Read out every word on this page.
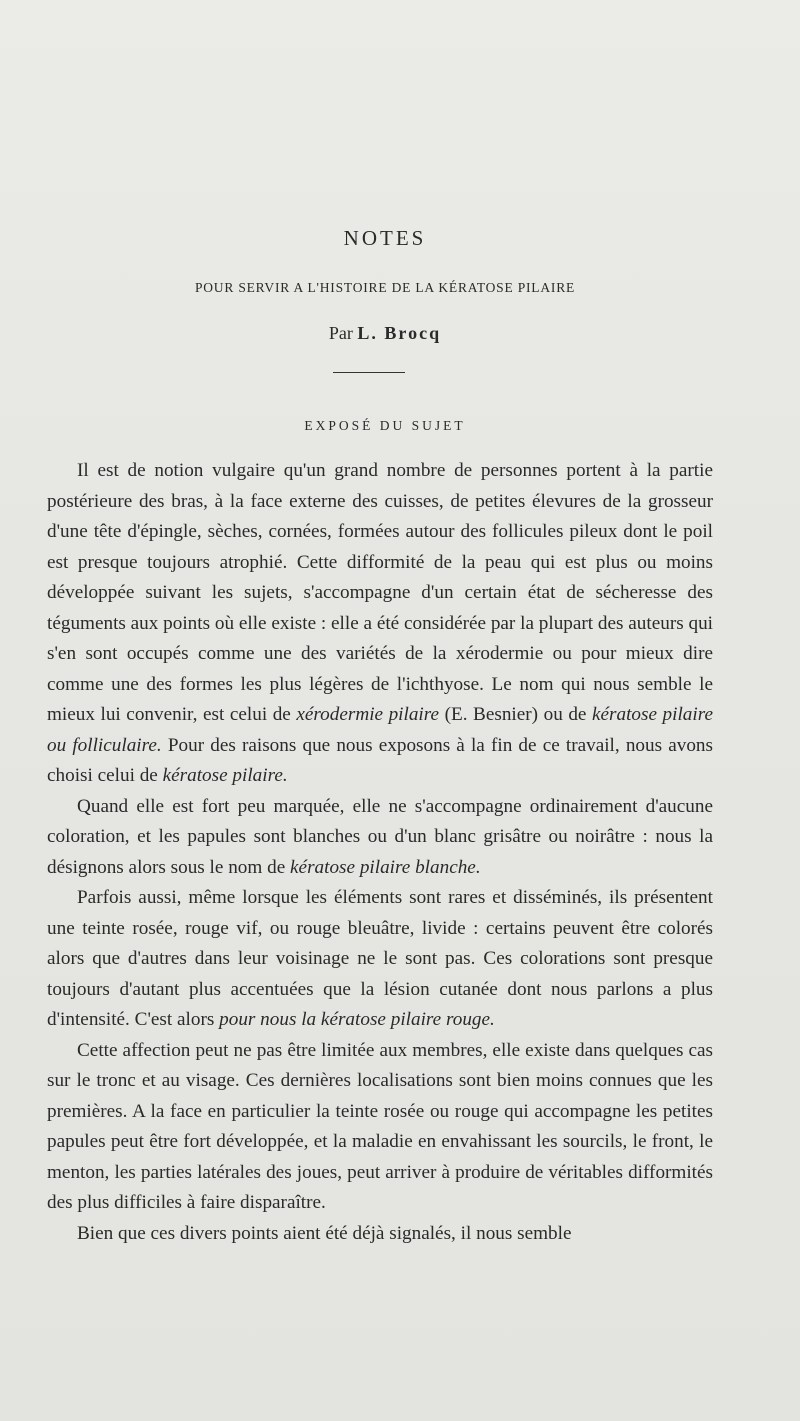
NOTES
POUR SERVIR A L'HISTOIRE DE LA KÉRATOSE PILAIRE
Par L. Brocq
EXPOSÉ DU SUJET

Il est de notion vulgaire qu'un grand nombre de personnes portent à la partie postérieure des bras, à la face externe des cuisses, de petites élevures de la grosseur d'une tête d'épingle, sèches, cornées, formées autour des follicules pileux dont le poil est presque toujours atrophié. Cette difformité de la peau qui est plus ou moins développée suivant les sujets, s'accompagne d'un certain état de sécheresse des téguments aux points où elle existe : elle a été considérée par la plupart des auteurs qui s'en sont occupés comme une des variétés de la xérodermie ou pour mieux dire comme une des formes les plus légères de l'ichthyose. Le nom qui nous semble le mieux lui convenir, est celui de xérodermie pilaire (E. Besnier) ou de kératose pilaire ou folliculaire. Pour des raisons que nous exposons à la fin de ce travail, nous avons choisi celui de kératose pilaire.

Quand elle est fort peu marquée, elle ne s'accompagne ordinairement d'aucune coloration, et les papules sont blanches ou d'un blanc grisâtre ou noirâtre : nous la désignons alors sous le nom de kératose pilaire blanche.

Parfois aussi, même lorsque les éléments sont rares et disséminés, ils présentent une teinte rosée, rouge vif, ou rouge bleuâtre, livide : certains peuvent être colorés alors que d'autres dans leur voisinage ne le sont pas. Ces colorations sont presque toujours d'autant plus accentuées que la lésion cutanée dont nous parlons a plus d'intensité. C'est alors pour nous la kératose pilaire rouge.

Cette affection peut ne pas être limitée aux membres, elle existe dans quelques cas sur le tronc et au visage. Ces dernières localisations sont bien moins connues que les premières. A la face en particulier la teinte rosée ou rouge qui accompagne les petites papules peut être fort développée, et la maladie en envahissant les sourcils, le front, le menton, les parties latérales des joues, peut arriver à produire de véritables difformités des plus difficiles à faire disparaître.

Bien que ces divers points aient été déjà signalés, il nous semble
